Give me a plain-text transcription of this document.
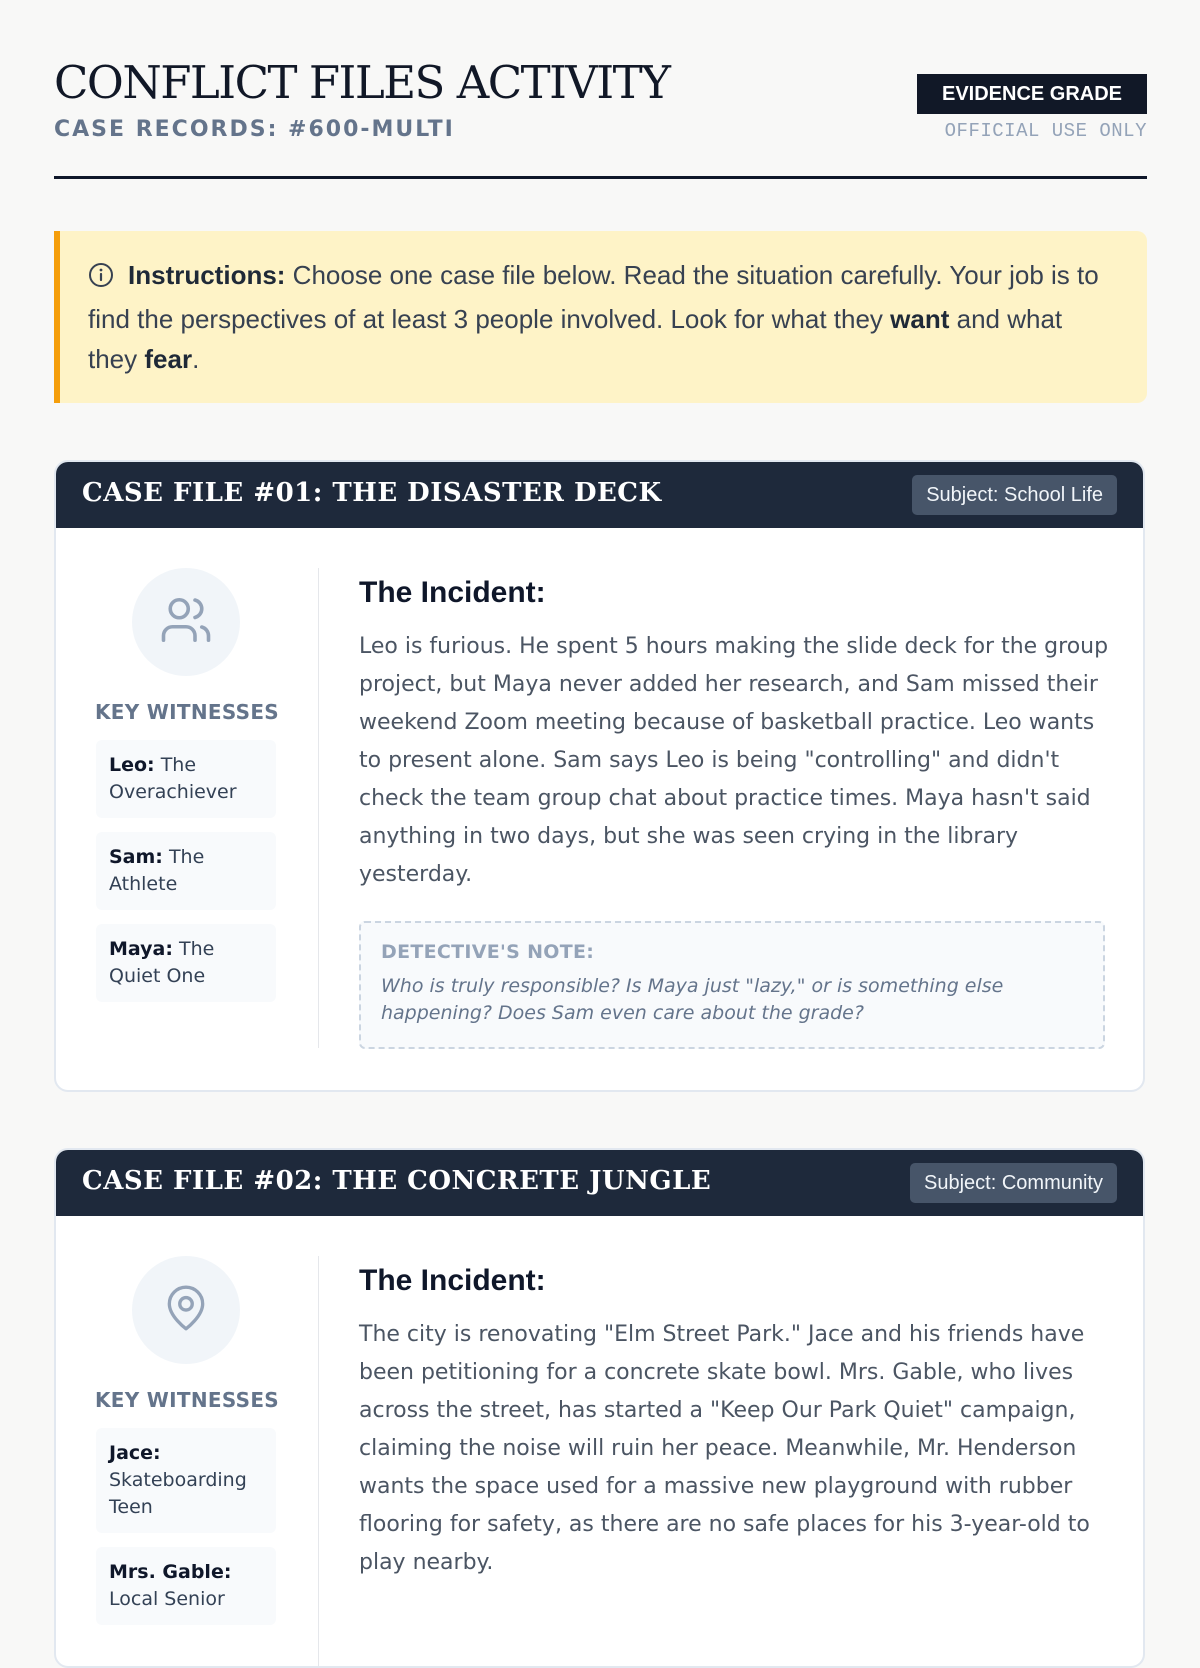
CONFLICT FILES ACTIVITY
CASE RECORDS: #600-MULTI
EVIDENCE GRADE
OFFICIAL USE ONLY
Instructions: Choose one case file below. Read the situation carefully. Your job is to find the perspectives of at least 3 people involved. Look for what they want and what they fear.
CASE FILE #01: THE DISASTER DECK	Subject: School Life
KEY WITNESSES
Leo: The Overachiever
Sam: The Athlete
Maya: The Quiet One
The Incident:

Leo is furious. He spent 5 hours making the slide deck for the group project, but Maya never added her research, and Sam missed their weekend Zoom meeting because of basketball practice. Leo wants to present alone. Sam says Leo is being "controlling" and didn't check the team group chat about practice times. Maya hasn't said anything in two days, but she was seen crying in the library yesterday.

DETECTIVE'S NOTE:
Who is truly responsible? Is Maya just "lazy," or is something else happening? Does Sam even care about the grade?
CASE FILE #02: THE CONCRETE JUNGLE	Subject: Community
KEY WITNESSES
Jace: Skateboarding Teen
Mrs. Gable: Local Senior
The Incident:

The city is renovating "Elm Street Park." Jace and his friends have been petitioning for a concrete skate bowl. Mrs. Gable, who lives across the street, has started a "Keep Our Park Quiet" campaign, claiming the noise will ruin her peace. Meanwhile, Mr. Henderson wants the space used for a massive new playground with rubber flooring for safety, as there are no safe places for his 3-year-old to play nearby.
